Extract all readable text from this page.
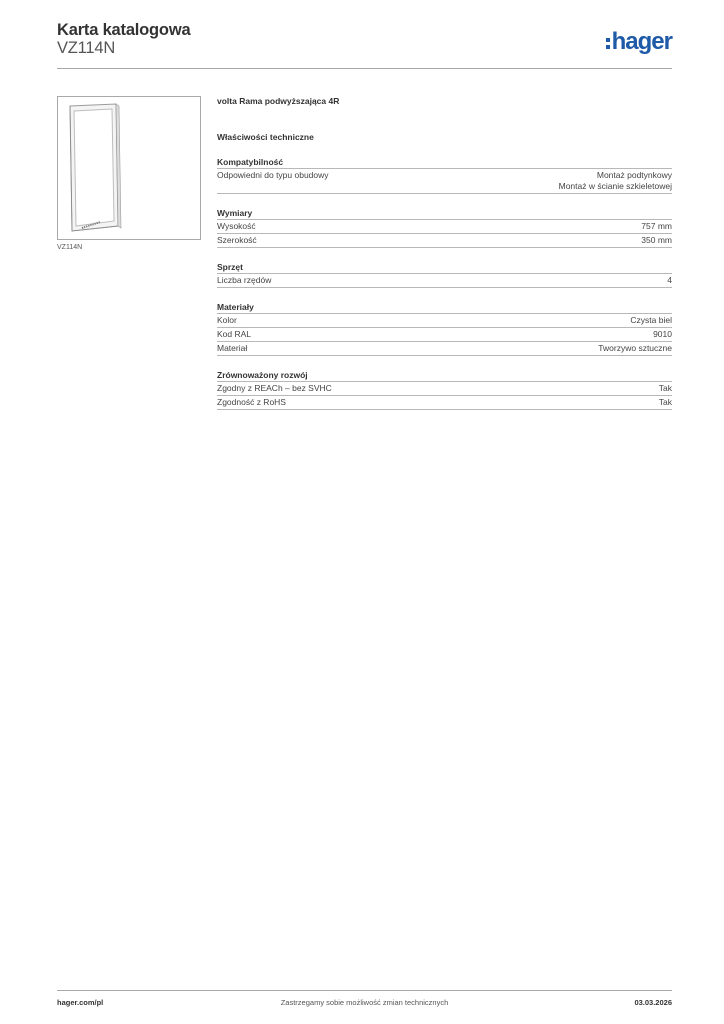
Karta katalogowa
VZ114N	hager
VZ114N
volta Rama podwyższająca 4R
Właściwości techniczne
Kompatybilność
Odpowiedni do typu obudowy	Montaż podtynkowy
Montaż w ścianie szkieletowej
Wymiary
Wysokość	757 mm
Szerokość	350 mm
Sprzęt
Liczba rzędów	4
Materiały
Kolor	Czysta biel
Kod RAL	9010
Materiał	Tworzywo sztuczne
Zrównoważony rozwój
Zgodny z REACh – bez SVHC	Tak
Zgodność z RoHS	Tak
Zastrzegamy sobie możliwość zmian technicznych
hager.com/pl	03.03.2026
